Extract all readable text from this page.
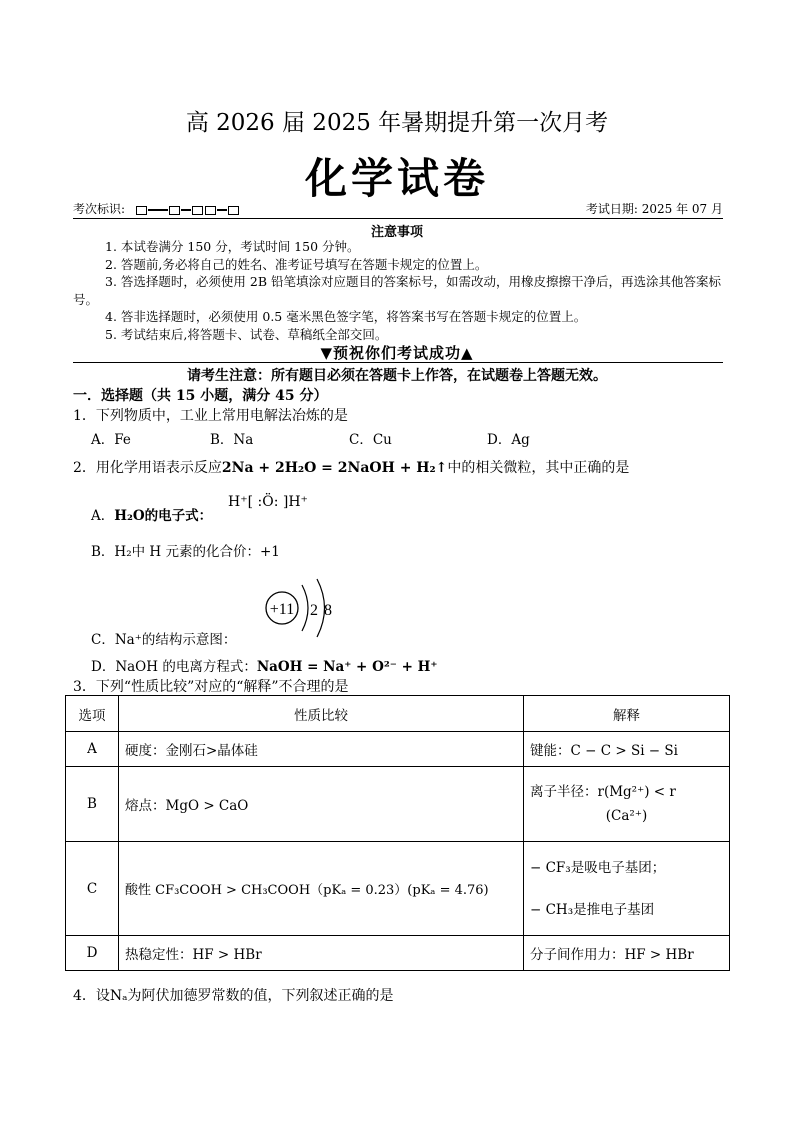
高 2026 届 2025 年暑期提升第一次月考
化学试卷
考次标识:	考试日期: 2025 年 07 月
注意事项

1. 本试卷满分 150 分，考试时间 150 分钟。

2. 答题前,务必将自己的姓名、准考证号填写在答题卡规定的位置上。

3. 答选择题时，必须使用 2B 铅笔填涂对应题目的答案标号，如需改动，用橡皮擦擦干净后，再选涂其他答案标号。

4. 答非选择题时，必须使用 0.5 毫米黑色签字笔，将答案书写在答题卡规定的位置上。

5. 考试结束后,将答题卡、试卷、草稿纸全部交回。

▼预祝你们考试成功▲
请考生注意：所有题目必须在答题卡上作答，在试题卷上答题无效。
一．选择题（共 15 小题，满分 45 分）
1．下列物质中，工业上常用电解法冶炼的是
A．Fe	B．Na	C．Cu	D．Ag
2．用化学用语表示反应2Na + 2H₂O = 2NaOH + H₂↑中的相关微粒，其中正确的是
A．H₂O的电子式：
H⁺[ :Ö: ]H⁺
B．H₂中 H 元素的化合价：+1
+11 2 8
C．Na⁺的结构示意图：
D．NaOH 的电离方程式：NaOH = Na⁺ + O²⁻ + H⁺
3．下列“性质比较”对应的“解释”不合理的是
选项	性质比较	解释
A	硬度：金刚石>晶体硅	键能：C − C > Si − Si
B	熔点：MgO > CaO	离子半径：r(Mg²⁺) < r
(Ca²⁺)

C	酸性 CF₃COOH > CH₃COOH（pKₐ = 0.23）(pKₐ = 4.76)	− CF₃是吸电子基团；
− CH₃是推电子基团

D	热稳定性：HF > HBr	分子间作用力：HF > HBr
4．设Nₐ为阿伏加德罗常数的值，下列叙述正确的是
